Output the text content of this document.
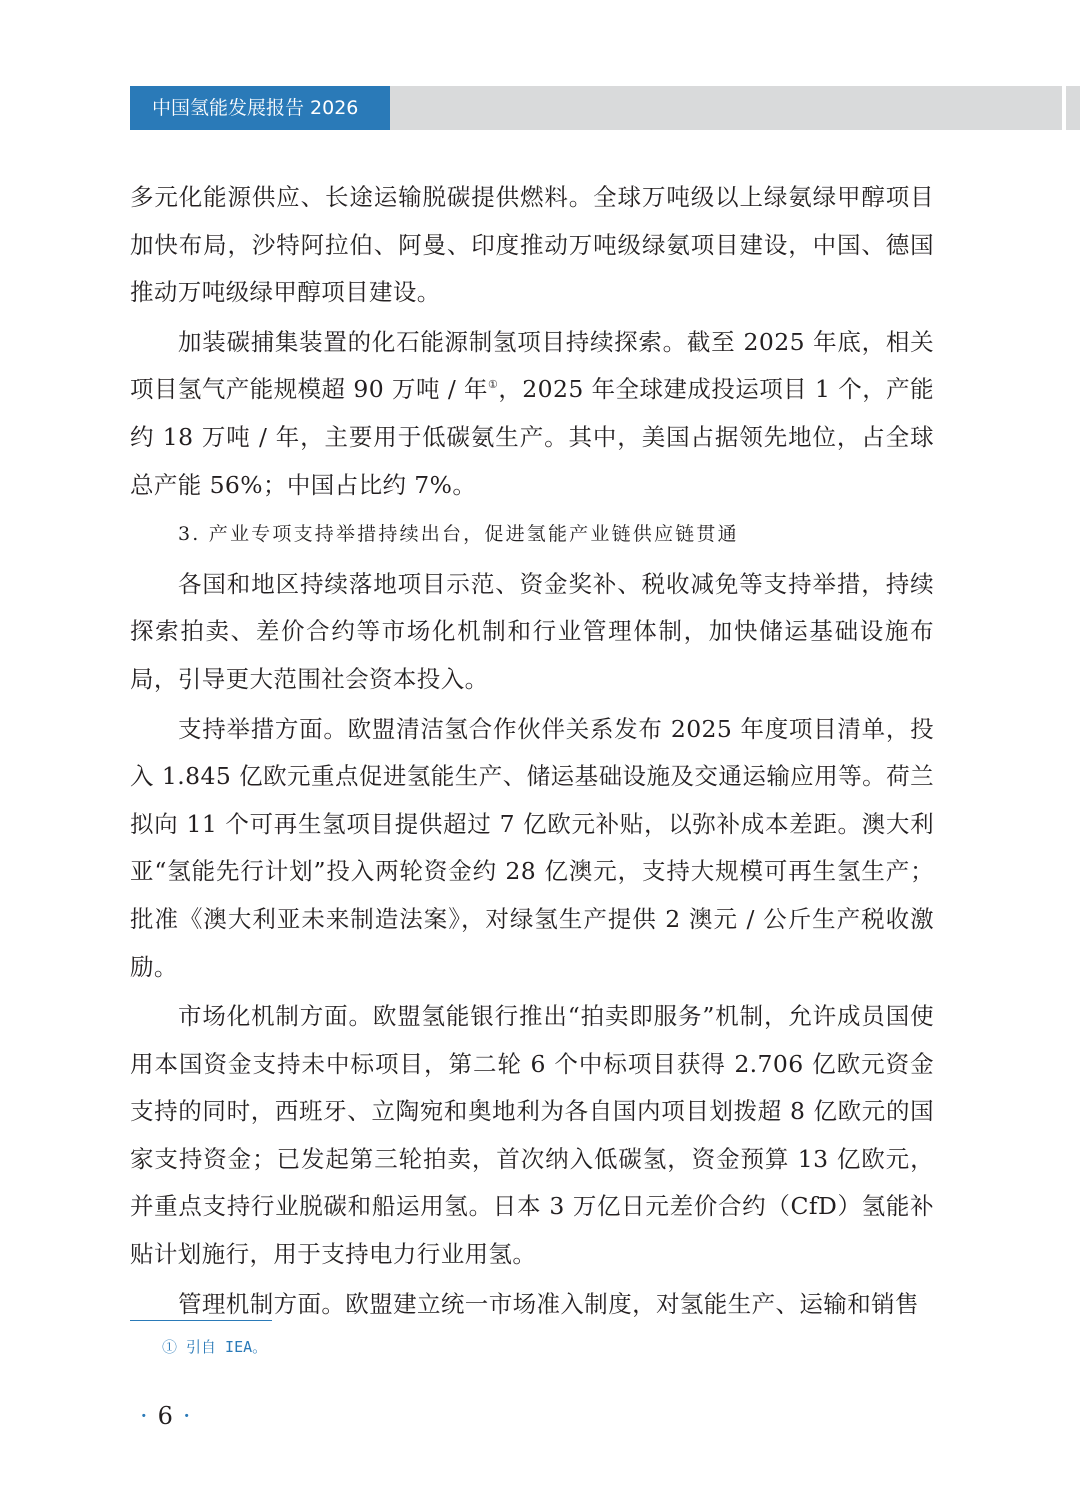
中国氢能发展报告 2026

多元化能源供应、长途运输脱碳提供燃料。全球万吨级以上绿氨绿甲醇项目加快布局，沙特阿拉伯、阿曼、印度推动万吨级绿氨项目建设，中国、德国推动万吨级绿甲醇项目建设。

加装碳捕集装置的化石能源制氢项目持续探索。截至 2025 年底，相关项目氢气产能规模超 90 万吨 / 年①，2025 年全球建成投运项目 1 个，产能约 18 万吨 / 年，主要用于低碳氨生产。其中，美国占据领先地位，占全球总产能 56%；中国占比约 7%。

3. 产业专项支持举措持续出台，促进氢能产业链供应链贯通

各国和地区持续落地项目示范、资金奖补、税收减免等支持举措，持续探索拍卖、差价合约等市场化机制和行业管理体制，加快储运基础设施布局，引导更大范围社会资本投入。

支持举措方面。欧盟清洁氢合作伙伴关系发布 2025 年度项目清单，投入 1.845 亿欧元重点促进氢能生产、储运基础设施及交通运输应用等。荷兰拟向 11 个可再生氢项目提供超过 7 亿欧元补贴，以弥补成本差距。澳大利亚“氢能先行计划”投入两轮资金约 28 亿澳元，支持大规模可再生氢生产；批准《澳大利亚未来制造法案》，对绿氢生产提供 2 澳元 / 公斤生产税收激励。

市场化机制方面。欧盟氢能银行推出“拍卖即服务”机制，允许成员国使用本国资金支持未中标项目，第二轮 6 个中标项目获得 2.706 亿欧元资金支持的同时，西班牙、立陶宛和奥地利为各自国内项目划拨超 8 亿欧元的国家支持资金；已发起第三轮拍卖，首次纳入低碳氢，资金预算 13 亿欧元，并重点支持行业脱碳和船运用氢。日本 3 万亿日元差价合约（CfD）氢能补贴计划施行，用于支持电力行业用氢。

管理机制方面。欧盟建立统一市场准入制度，对氢能生产、运输和销售

① 引自 IEA。
· 6 ·
